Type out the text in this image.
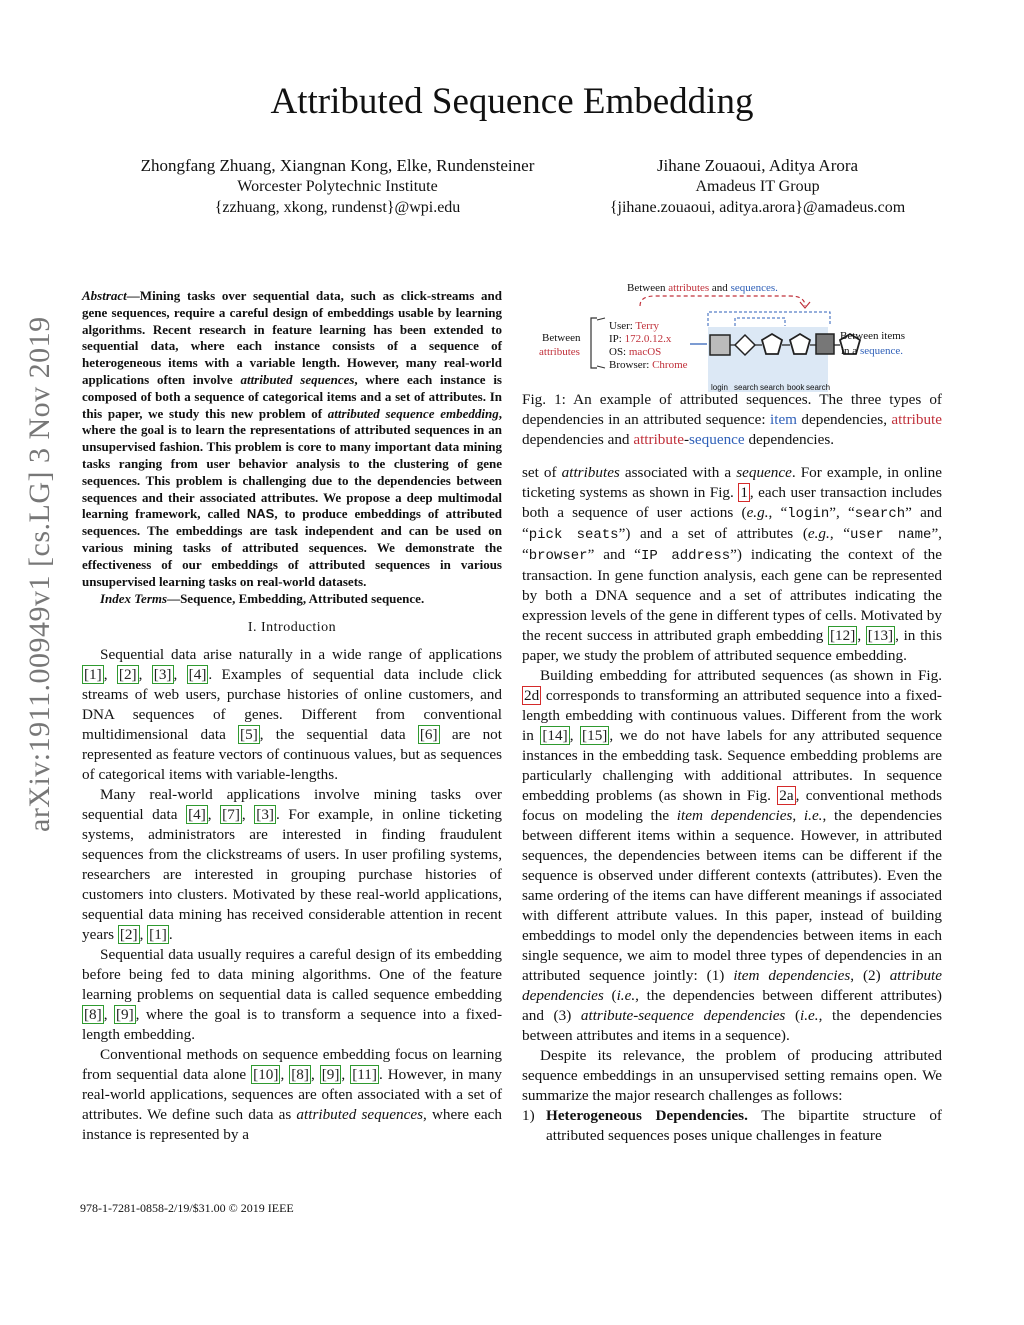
Attributed Sequence Embedding
Zhongfang Zhuang, Xiangnan Kong, Elke, Rundensteiner
Worcester Polytechnic Institute
{zzhuang, xkong, rundenst}@wpi.edu
Jihane Zouaoui, Aditya Arora
Amadeus IT Group
{jihane.zouaoui, aditya.arora}@amadeus.com
arXiv:1911.00949v1 [cs.LG] 3 Nov 2019
Abstract—Mining tasks over sequential data, such as click-streams and gene sequences, require a careful design of embeddings usable by learning algorithms. Recent research in feature learning has been extended to sequential data, where each instance consists of a sequence of heterogeneous items with a variable length. However, many real-world applications often involve attributed sequences, where each instance is composed of both a sequence of categorical items and a set of attributes. In this paper, we study this new problem of attributed sequence embedding, where the goal is to learn the representations of attributed sequences in an unsupervised fashion. This problem is core to many important data mining tasks ranging from user behavior analysis to the clustering of gene sequences. This problem is challenging due to the dependencies between sequences and their associated attributes. We propose a deep multimodal learning framework, called NAS, to produce embeddings of attributed sequences. The embeddings are task independent and can be used on various mining tasks of attributed sequences. We demonstrate the effectiveness of our embeddings of attributed sequences in various unsupervised learning tasks on real-world datasets.
Index Terms—Sequence, Embedding, Attributed sequence.
I. Introduction

Sequential data arise naturally in a wide range of applications [1] , [2] , [3] , [4] . Examples of sequential data include click streams of web users, purchase histories of online customers, and DNA sequences of genes. Different from conventional multidimensional data [5] , the sequential data [6] are not represented as feature vectors of continuous values, but as sequences of categorical items with variable-lengths.

Many real-world applications involve mining tasks over sequential data [4] , [7] , [3] . For example, in online ticketing systems, administrators are interested in finding fraudulent sequences from the clickstreams of users. In user profiling systems, researchers are interested in grouping purchase histories of customers into clusters. Motivated by these real-world applications, sequential data mining has received considerable attention in recent years [2] , [1] .

Sequential data usually requires a careful design of its embedding before being fed to data mining algorithms. One of the feature learning problems on sequential data is called sequence embedding [8] , [9] , where the goal is to transform a sequence into a fixed-length embedding.

Conventional methods on sequence embedding focus on learning from sequential data alone [10] , [8] , [9] , [11] . However, in many real-world applications, sequences are often associated with a set of attributes. We define such data as attributed sequences, where each instance is represented by a

978-1-7281-0858-2/19/$31.00 © 2019 IEEE
Between attributes and sequences.
Between
attributes
User: Terry
IP: 172.0.12.x
OS: macOS
Browser: Chrome
Between items
in a sequence.
login search search book search
Fig. 1: An example of attributed sequences. The three types of dependencies in an attributed sequence: item dependencies, attribute dependencies and attribute-sequence dependencies.

set of attributes associated with a sequence. For example, in online ticketing systems as shown in Fig. 1 , each user transaction includes both a sequence of user actions (e.g., “login”, “search” and “pick seats”) and a set of attributes (e.g., “user name”, “browser” and “IP address”) indicating the context of the transaction. In gene function analysis, each gene can be represented by both a DNA sequence and a set of attributes indicating the expression levels of the gene in different types of cells. Motivated by the recent success in attributed graph embedding [12] , [13] , in this paper, we study the problem of attributed sequence embedding.

Building embedding for attributed sequences (as shown in Fig. 2d corresponds to transforming an attributed sequence into a fixed-length embedding with continuous values. Different from the work in [14] , [15] , we do not have labels for any attributed sequence instances in the embedding task. Sequence embedding problems are particularly challenging with additional attributes. In sequence embedding problems (as shown in Fig. 2a , conventional methods focus on modeling the item dependencies, i.e., the dependencies between different items within a sequence. However, in attributed sequences, the dependencies between items can be different if the sequence is observed under different contexts (attributes). Even the same ordering of the items can have different meanings if associated with different attribute values. In this paper, instead of building embeddings to model only the dependencies between items in each single sequence, we aim to model three types of dependencies in an attributed sequence jointly: (1) item dependencies, (2) attribute dependencies (i.e., the dependencies between different attributes) and (3) attribute-sequence dependencies (i.e., the dependencies between attributes and items in a sequence).

Despite its relevance, the problem of producing attributed sequence embeddings in an unsupervised setting remains open. We summarize the major research challenges as follows:

1) Heterogeneous Dependencies. The bipartite structure of attributed sequences poses unique challenges in feature
